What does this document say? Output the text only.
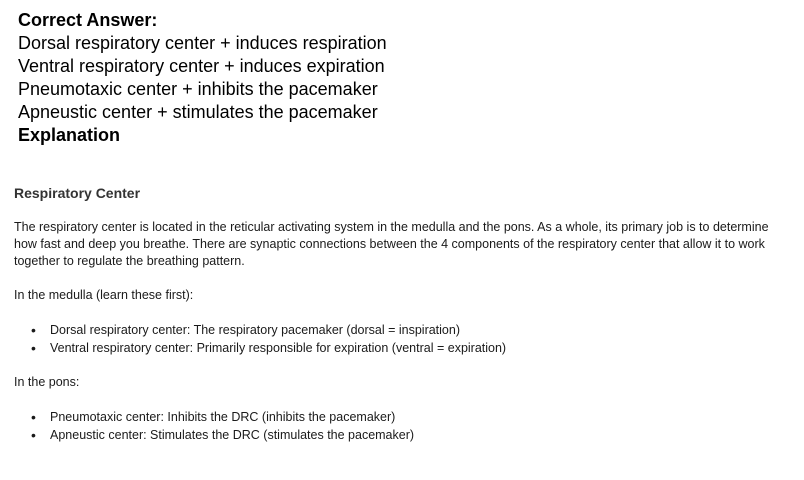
Correct Answer:
Dorsal respiratory center + induces respiration
Ventral respiratory center + induces expiration
Pneumotaxic center + inhibits the pacemaker
Apneustic center + stimulates the pacemaker
Explanation
Respiratory Center

The respiratory center is located in the reticular activating system in the medulla and the pons. As a whole, its primary job is to determine how fast and deep you breathe. There are synaptic connections between the 4 components of the respiratory center that allow it to work together to regulate the breathing pattern.

In the medulla (learn these first):

• Dorsal respiratory center: The respiratory pacemaker (dorsal = inspiration)
• Ventral respiratory center: Primarily responsible for expiration (ventral = expiration)

In the pons:

• Pneumotaxic center: Inhibits the DRC (inhibits the pacemaker)
• Apneustic center: Stimulates the DRC (stimulates the pacemaker)
